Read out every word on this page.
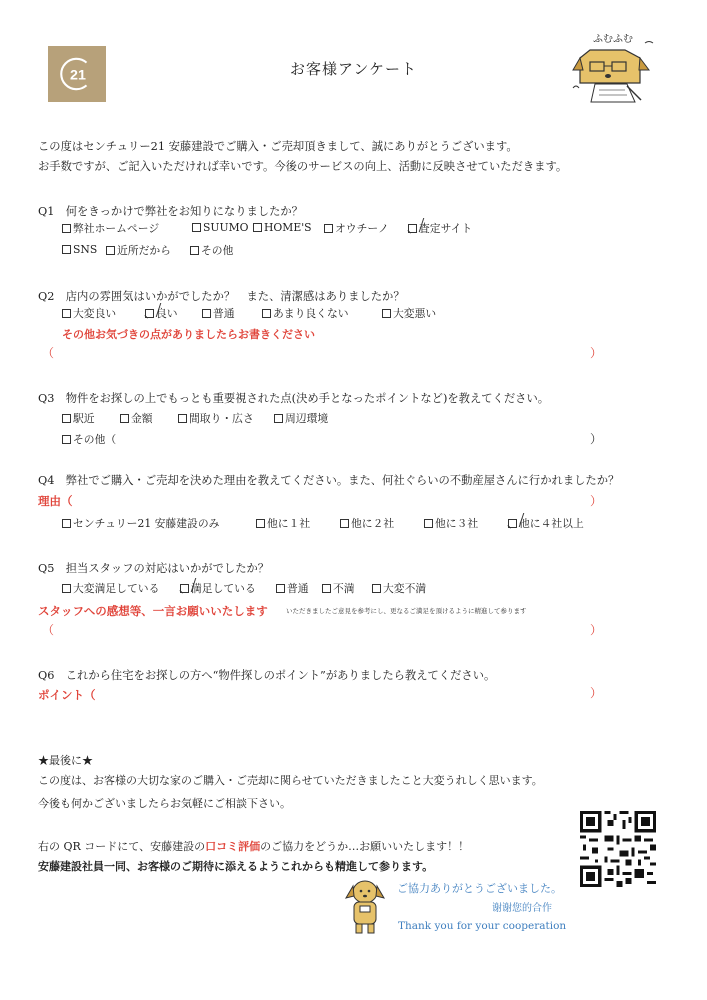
21	お客様アンケート
ふむふむ
この度はセンチュリー21 安藤建設でご購入・ご売却頂きまして、誠にありがとうございます。
お手数ですが、ご記入いただければ幸いです。今後のサービスの向上、活動に反映させていただきます。
Q1　何をきっかけで弊社をお知りになりましたか？
弊社ホームページ	SUUMO	HOME'S	オウチーノ	査定サイト
SNS	近所だから	その他
Q2　店内の雰囲気はいかがでしたか？　また、清潔感はありましたか？
大変良い	良い	普通	あまり良くない	大変悪い
その他お気づきの点がありましたらお書きください
（	）
Q3　物件をお探しの上でもっとも重要視された点(決め手となったポイントなど)を教えてください。
駅近	金額	間取り・広さ	周辺環境
その他（	）
Q4　弊社でご購入・ご売却を決めた理由を教えてください。また、何社ぐらいの不動産屋さんに行かれましたか？
理由（	）
センチュリー21 安藤建設のみ	他に１社	他に２社	他に３社	他に４社以上
Q5　担当スタッフの対応はいかがでしたか？
大変満足している	満足している	普通	不満	大変不満
スタッフへの感想等、一言お願いいたします	いただきましたご意見を参考にし、更なるご満足を頂けるように精進して参ります
（	）
Q6　これから住宅をお探しの方へ“物件探しのポイント”がありましたら教えてください。
ポイント（	）
★最後に★
この度は、お客様の大切な家のご購入・ご売却に関らせていただきましたこと大変うれしく思います。
今後も何かございましたらお気軽にご相談下さい。
右の QR コードにて、安藤建設の口コミ評価のご協力をどうか…お願いいたします！！
安藤建設社員一同、お客様のご期待に添えるようこれからも精進して参ります。
ご協力ありがとうございました。
谢谢您的合作
Thank you for your cooperation
